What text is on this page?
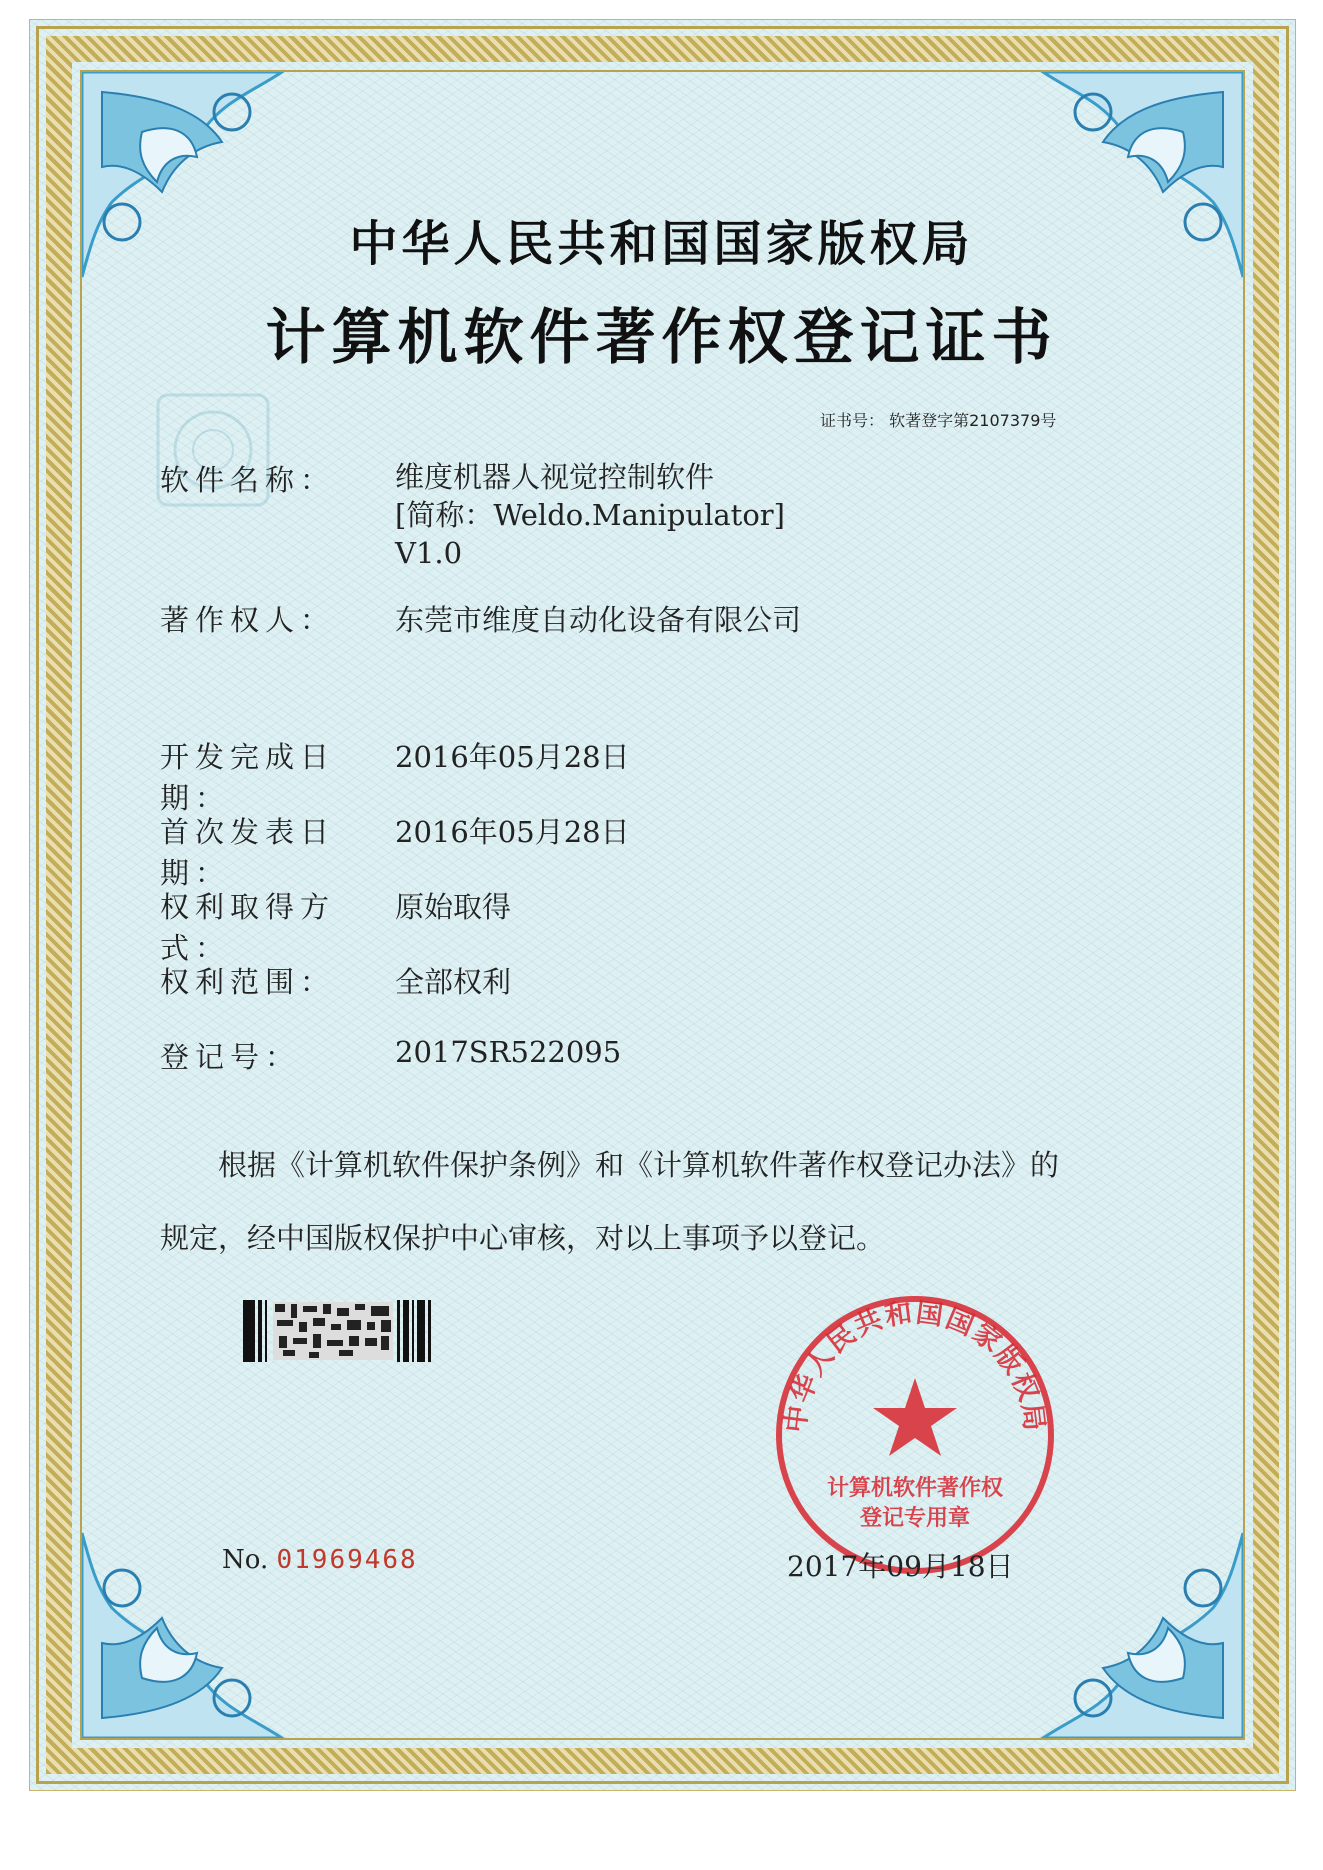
中华人民共和国国家版权局
计算机软件著作权登记证书
证书号： 软著登字第2107379号
软件名称： 维度机器人视觉控制软件
[简称：Weldo.Manipulator]
V1.0
著作权人： 东莞市维度自动化设备有限公司
开发完成日期：
2016年05月28日
首次发表日期：
2016年05月28日
权利取得方式：
原始取得
权利范围： 全部权利
登记号：	2017SR522095
根据《计算机软件保护条例》和《计算机软件著作权登记办法》的
规定，经中国版权保护中心审核，对以上事项予以登记。
No. 01969468
中华人民共和国国家版权局
计算机软件著作权
登记专用章
2017年09月18日
